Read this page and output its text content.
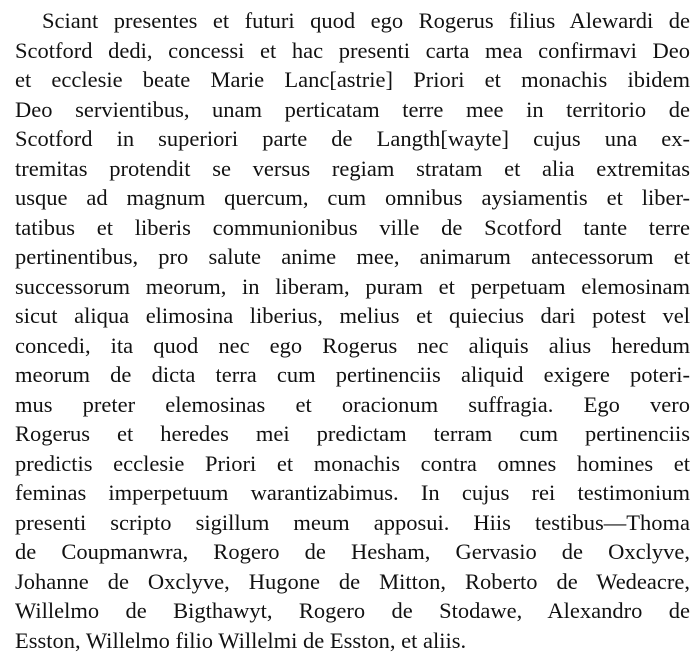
Sciant presentes et futuri quod ego Rogerus filius Alewardi de
Scotford dedi, concessi et hac presenti carta mea confirmavi Deo
et ecclesie beate Marie Lanc[astrie] Priori et monachis ibidem
Deo servientibus, unam perticatam terre mee in territorio de
Scotford in superiori parte de Langth[wayte] cujus una ex-
tremitas protendit se versus regiam stratam et alia extremitas
usque ad magnum quercum, cum omnibus aysiamentis et liber-
tatibus et liberis communionibus ville de Scotford tante terre
pertinentibus, pro salute anime mee, animarum antecessorum et
successorum meorum, in liberam, puram et perpetuam elemosinam
sicut aliqua elimosina liberius, melius et quiecius dari potest vel
concedi, ita quod nec ego Rogerus nec aliquis alius heredum
meorum de dicta terra cum pertinenciis aliquid exigere poteri-
mus preter elemosinas et oracionum suffragia. Ego vero
Rogerus et heredes mei predictam terram cum pertinenciis
predictis ecclesie Priori et monachis contra omnes homines et
feminas imperpetuum warantizabimus. In cujus rei testimonium
presenti scripto sigillum meum apposui. Hiis testibus—Thoma
de Coupmanwra, Rogero de Hesham, Gervasio de Oxclyve,
Johanne de Oxclyve, Hugone de Mitton, Roberto de Wedeacre,
Willelmo de Bigthawyt, Rogero de Stodawe, Alexandro de
Esston, Willelmo filio Willelmi de Esston, et aliis.
